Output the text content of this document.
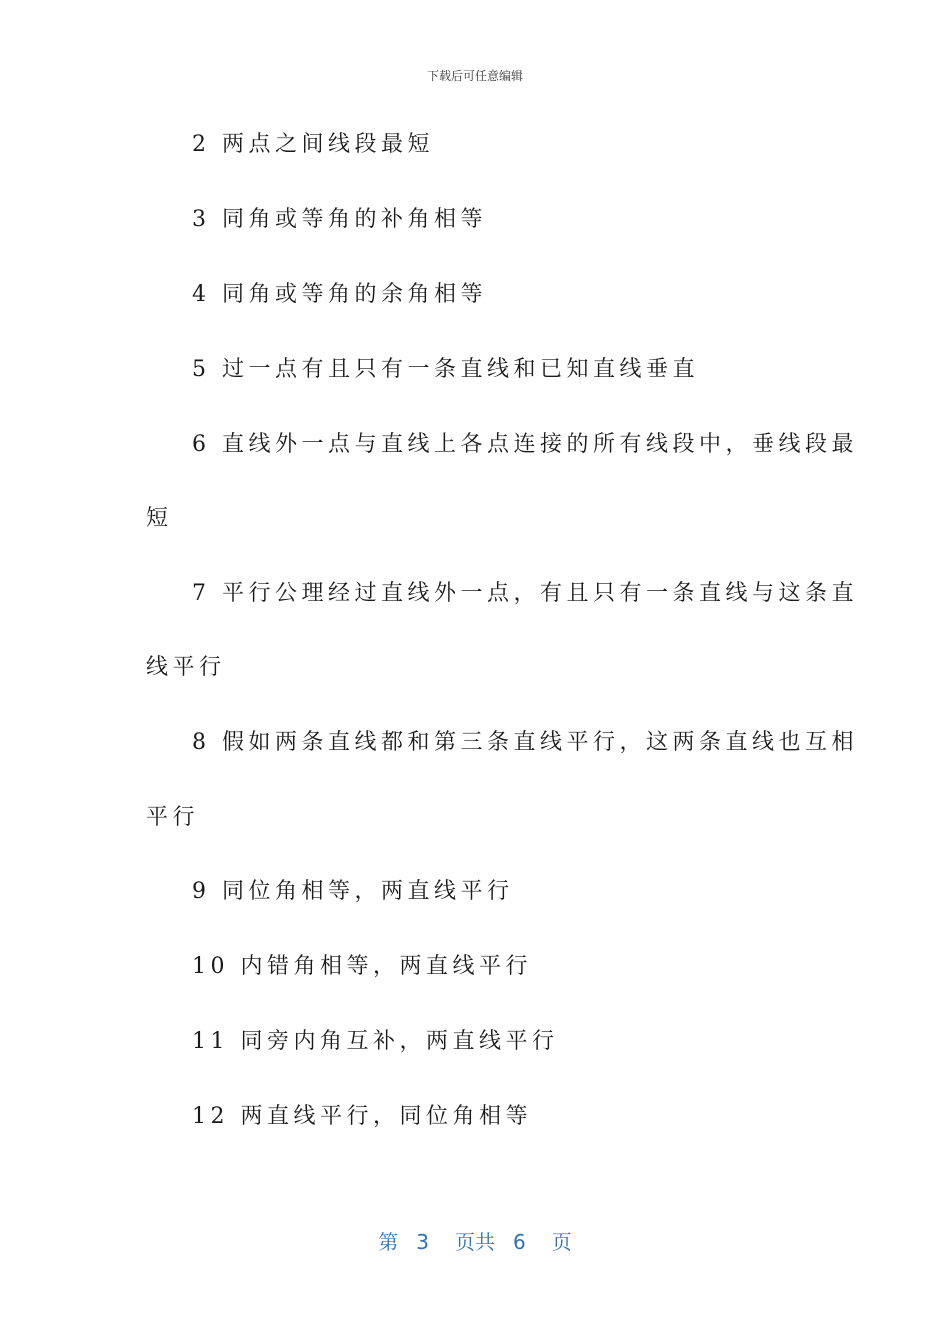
下载后可任意编辑
2 两点之间线段最短
3 同角或等角的补角相等
4 同角或等角的余角相等
5 过一点有且只有一条直线和已知直线垂直
6 直线外一点与直线上各点连接的所有线段中，垂线段最
短
7 平行公理经过直线外一点，有且只有一条直线与这条直
线平行
8 假如两条直线都和第三条直线平行，这两条直线也互相
平行
9 同位角相等，两直线平行
10 内错角相等，两直线平行
11 同旁内角互补，两直线平行
12 两直线平行，同位角相等
第 3 页共 6 页
